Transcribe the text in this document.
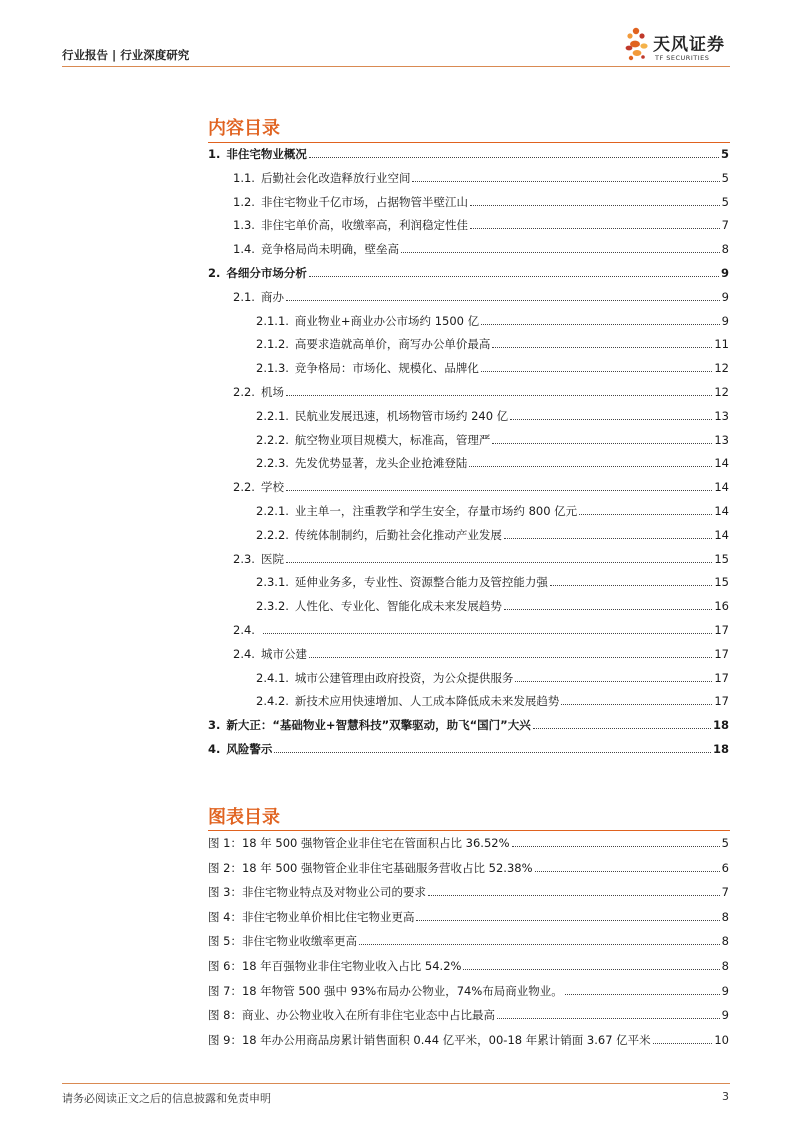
行业报告 | 行业深度研究	天风证券
TF SECURITIES
内容目录
1. 非住宅物业概况	5
1.1. 后勤社会化改造释放行业空间	5
1.2. 非住宅物业千亿市场，占据物管半壁江山	5
1.3. 非住宅单价高，收缴率高，利润稳定性佳	7
1.4. 竞争格局尚未明确，壁垒高	8
2. 各细分市场分析	9
2.1. 商办	9
2.1.1. 商业物业+商业办公市场约 1500 亿	9
2.1.2. 高要求造就高单价，商写办公单价最高	11
2.1.3. 竞争格局：市场化、规模化、品牌化	12
2.2. 机场	12
2.2.1. 民航业发展迅速，机场物管市场约 240 亿	13
2.2.2. 航空物业项目规模大，标准高，管理严	13
2.2.3. 先发优势显著，龙头企业抢滩登陆	14
2.2. 学校	14
2.2.1. 业主单一，注重教学和学生安全，存量市场约 800 亿元	14
2.2.2. 传统体制制约，后勤社会化推动产业发展	14
2.3. 医院	15
2.3.1. 延伸业务多，专业性、资源整合能力及管控能力强	15
2.3.2. 人性化、专业化、智能化成未来发展趋势	16
2.4.	17
2.4. 城市公建	17
2.4.1. 城市公建管理由政府投资，为公众提供服务	17
2.4.2. 新技术应用快速增加、人工成本降低成未来发展趋势	17
3. 新大正：“基础物业+智慧科技”双擎驱动，助飞“国门”大兴	18
4. 风险警示	18
图表目录
图 1：18 年 500 强物管企业非住宅在管面积占比 36.52%	5
图 2：18 年 500 强物管企业非住宅基础服务营收占比 52.38%	6
图 3：非住宅物业特点及对物业公司的要求	7
图 4：非住宅物业单价相比住宅物业更高	8
图 5：非住宅物业收缴率更高	8
图 6：18 年百强物业非住宅物业收入占比 54.2%	8
图 7：18 年物管 500 强中 93%布局办公物业，74%布局商业物业。	9
图 8：商业、办公物业收入在所有非住宅业态中占比最高	9
图 9：18 年办公用商品房累计销售面积 0.44 亿平米，00-18 年累计销面 3.67 亿平米	10
请务必阅读正文之后的信息披露和免责申明	3
